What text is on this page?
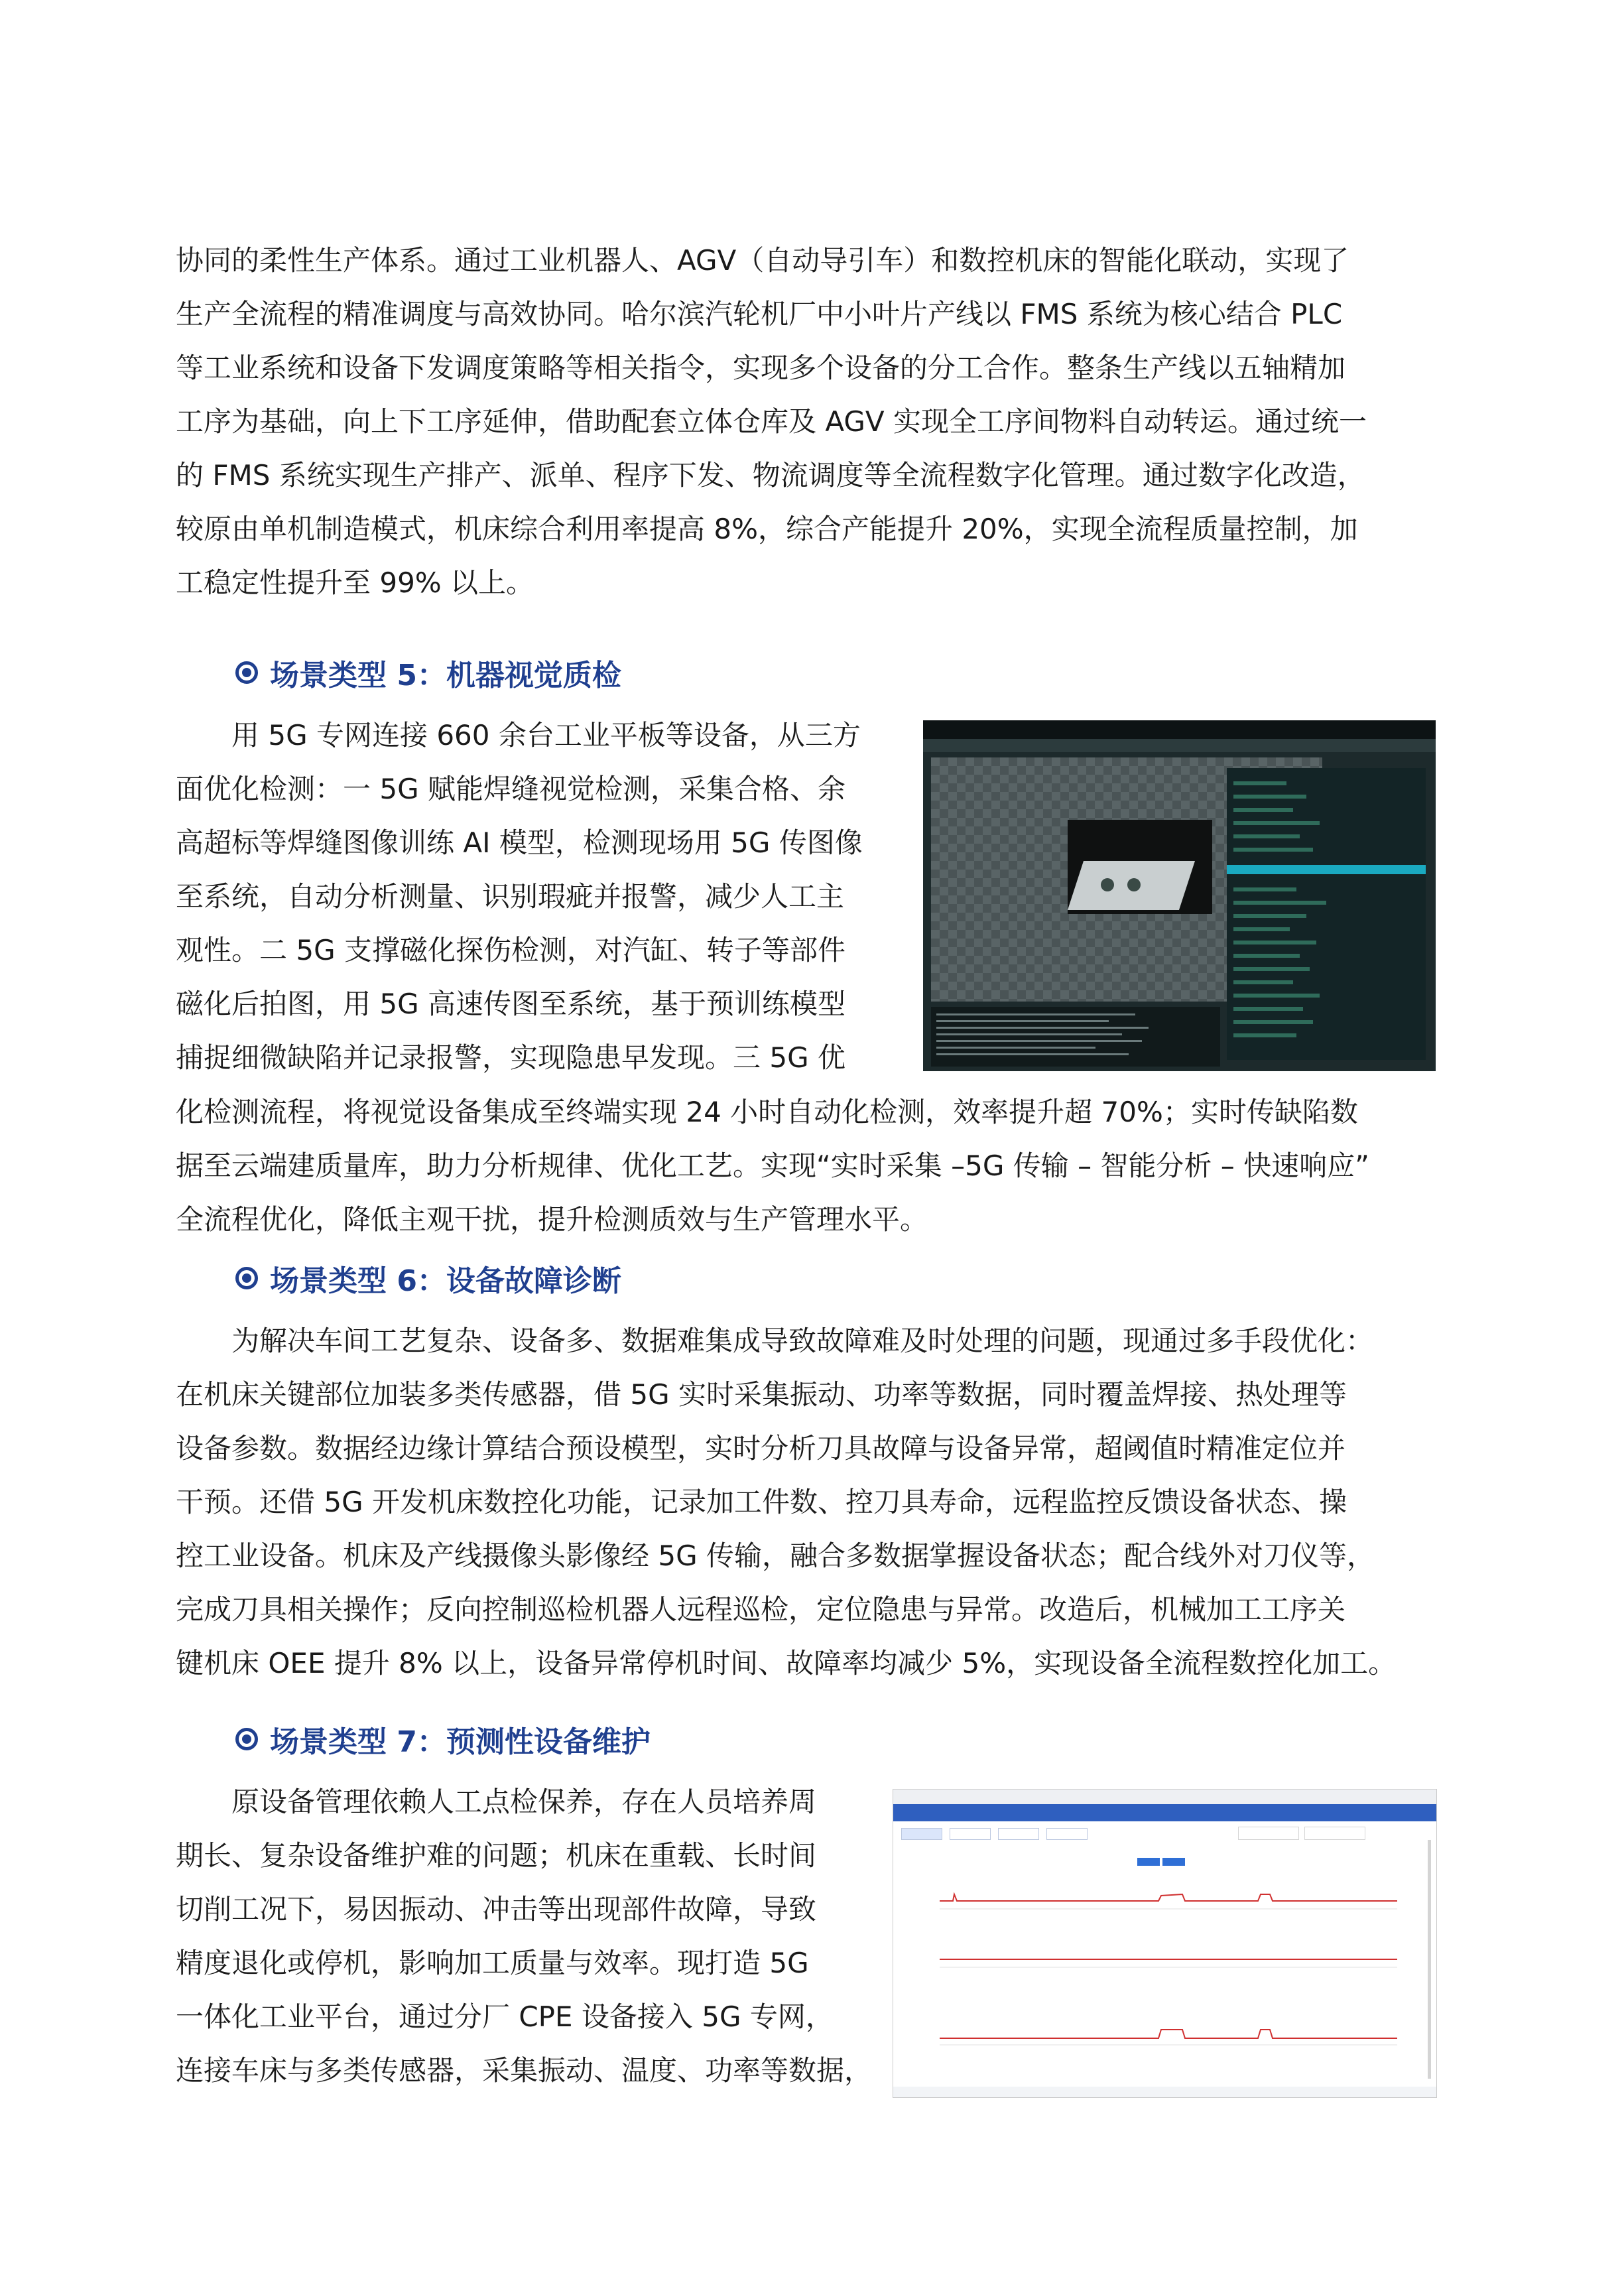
协同的柔性生产体系。通过工业机器人、AGV（自动导引车）和数控机床的智能化联动，实现了
生产全流程的精准调度与高效协同。哈尔滨汽轮机厂中小叶片产线以 FMS 系统为核心结合 PLC
等工业系统和设备下发调度策略等相关指令，实现多个设备的分工合作。整条生产线以五轴精加
工序为基础，向上下工序延伸，借助配套立体仓库及 AGV 实现全工序间物料自动转运。通过统一
的 FMS 系统实现生产排产、派单、程序下发、物流调度等全流程数字化管理。通过数字化改造，
较原由单机制造模式，机床综合利用率提高 8%，综合产能提升 20%，实现全流程质量控制，加
工稳定性提升至 99% 以上。
场景类型 5：机器视觉质检
用 5G 专网连接 660 余台工业平板等设备，从三方
面优化检测：一 5G 赋能焊缝视觉检测，采集合格、余
高超标等焊缝图像训练 AI 模型，检测现场用 5G 传图像
至系统，自动分析测量、识别瑕疵并报警，减少人工主
观性。二 5G 支撑磁化探伤检测，对汽缸、转子等部件
磁化后拍图，用 5G 高速传图至系统，基于预训练模型
捕捉细微缺陷并记录报警，实现隐患早发现。三 5G 优
化检测流程，将视觉设备集成至终端实现 24 小时自动化检测，效率提升超 70%；实时传缺陷数
据至云端建质量库，助力分析规律、优化工艺。实现“实时采集 –5G 传输 – 智能分析 – 快速响应”
全流程优化，降低主观干扰，提升检测质效与生产管理水平。
场景类型 6：设备故障诊断
为解决车间工艺复杂、设备多、数据难集成导致故障难及时处理的问题，现通过多手段优化：
在机床关键部位加装多类传感器，借 5G 实时采集振动、功率等数据，同时覆盖焊接、热处理等
设备参数。数据经边缘计算结合预设模型，实时分析刀具故障与设备异常，超阈值时精准定位并
干预。还借 5G 开发机床数控化功能，记录加工件数、控刀具寿命，远程监控反馈设备状态、操
控工业设备。机床及产线摄像头影像经 5G 传输，融合多数据掌握设备状态；配合线外对刀仪等，
完成刀具相关操作；反向控制巡检机器人远程巡检，定位隐患与异常。改造后，机械加工工序关
键机床 OEE 提升 8% 以上，设备异常停机时间、故障率均减少 5%，实现设备全流程数控化加工。
场景类型 7：预测性设备维护
原设备管理依赖人工点检保养，存在人员培养周
期长、复杂设备维护难的问题；机床在重载、长时间
切削工况下，易因振动、冲击等出现部件故障，导致
精度退化或停机，影响加工质量与效率。现打造 5G
一体化工业平台，通过分厂 CPE 设备接入 5G 专网，
连接车床与多类传感器，采集振动、温度、功率等数据，
